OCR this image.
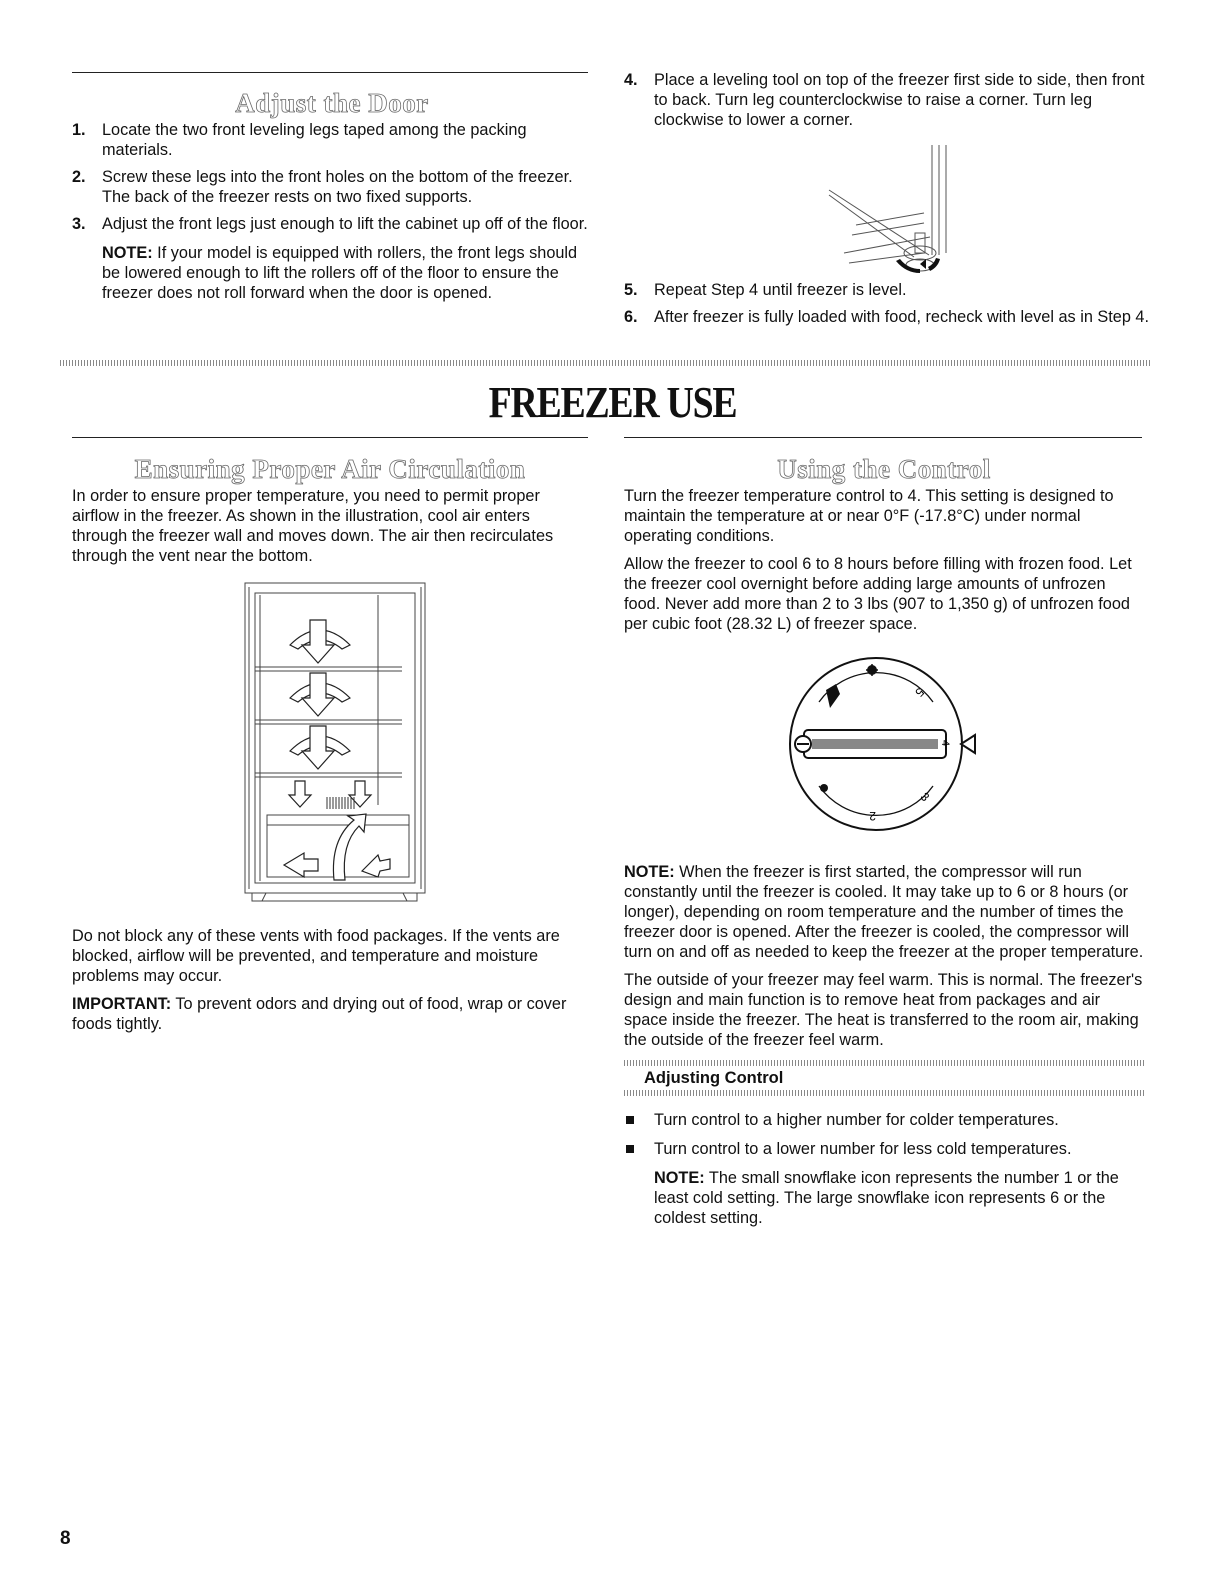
Adjust the Door
1. Locate the two front leveling legs taped among the packing materials.
2. Screw these legs into the front holes on the bottom of the freezer. The back of the freezer rests on two fixed supports.
3. Adjust the front legs just enough to lift the cabinet up off of the floor.

NOTE: If your model is equipped with rollers, the front legs should be lowered enough to lift the rollers off of the floor to ensure the freezer does not roll forward when the door is opened.

4. Place a leveling tool on top of the freezer first side to side, then front to back. Turn leg counterclockwise to raise a corner. Turn leg clockwise to lower a corner.
5. Repeat Step 4 until freezer is level.
6. After freezer is fully loaded with food, recheck with level as in Step 4.
FREEZER USE
Ensuring Proper Air Circulation

In order to ensure proper temperature, you need to permit proper airflow in the freezer. As shown in the illustration, cool air enters through the freezer wall and moves down. The air then recirculates through the vent near the bottom.

Do not block any of these vents with food packages. If the vents are blocked, airflow will be prevented, and temperature and moisture problems may occur.

IMPORTANT: To prevent odors and drying out of food, wrap or cover foods tightly.

Using the Control

Turn the freezer temperature control to 4. This setting is designed to maintain the temperature at or near 0°F (-17.8°C) under normal operating conditions.

Allow the freezer to cool 6 to 8 hours before filling with frozen food. Let the freezer cool overnight before adding large amounts of unfrozen food. Never add more than 2 to 3 lbs (907 to 1,350 g) of unfrozen food per cubic foot (28.32 L) of freezer space.

5
4
3
2

NOTE: When the freezer is first started, the compressor will run constantly until the freezer is cooled. It may take up to 6 or 8 hours (or longer), depending on room temperature and the number of times the freezer door is opened. After the freezer is cooled, the compressor will turn on and off as needed to keep the freezer at the proper temperature.

The outside of your freezer may feel warm. This is normal. The freezer's design and main function is to remove heat from packages and air space inside the freezer. The heat is transferred to the room air, making the outside of the freezer feel warm.

Adjusting Control
Turn control to a higher number for colder temperatures.
Turn control to a lower number for less cold temperatures.

NOTE: The small snowflake icon represents the number 1 or the least cold setting. The large snowflake icon represents 6 or the coldest setting.

8
